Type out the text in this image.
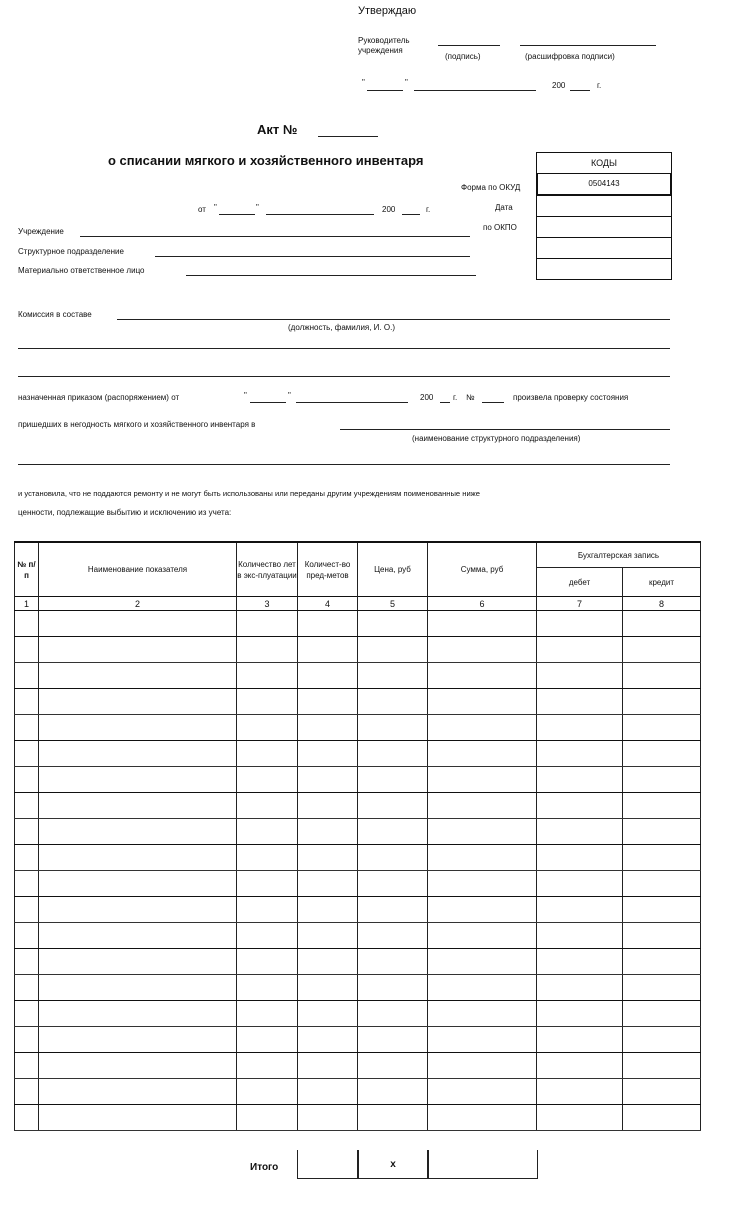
Утверждаю
Руководитель
учреждения
(подпись)	(расшифровка подписи)
"	"	200	г.
Акт №
о списании мягкого и хозяйственного инвентаря	КОДЫ
0504143
Форма по ОКУД
Дата
по ОКПО
от "	"	200	г.
Учреждение
Структурное подразделение
Материально ответственное лицо
Комиссия в составе
(должность, фамилия, И. О.)
назначенная приказом (распоряжением) от	"	"	200 г. №	произвела проверку состояния
пришедших в негодность мягкого и хозяйственного инвентаря в
(наименование структурного подразделения)
и установила, что не поддаются ремонту и не могут быть использованы или переданы другим учреждениям поименованные ниже
ценности, подлежащие выбытию и исключению из учета:
№ п/п	Наименование показателя	Количество лет в экс-плуатации	Количест-во пред-метов	Цена, руб	Сумма, руб	Бухгалтерская запись	
						дебет	кредит
1	2	3	4	5	6	7	8

Итого	х
